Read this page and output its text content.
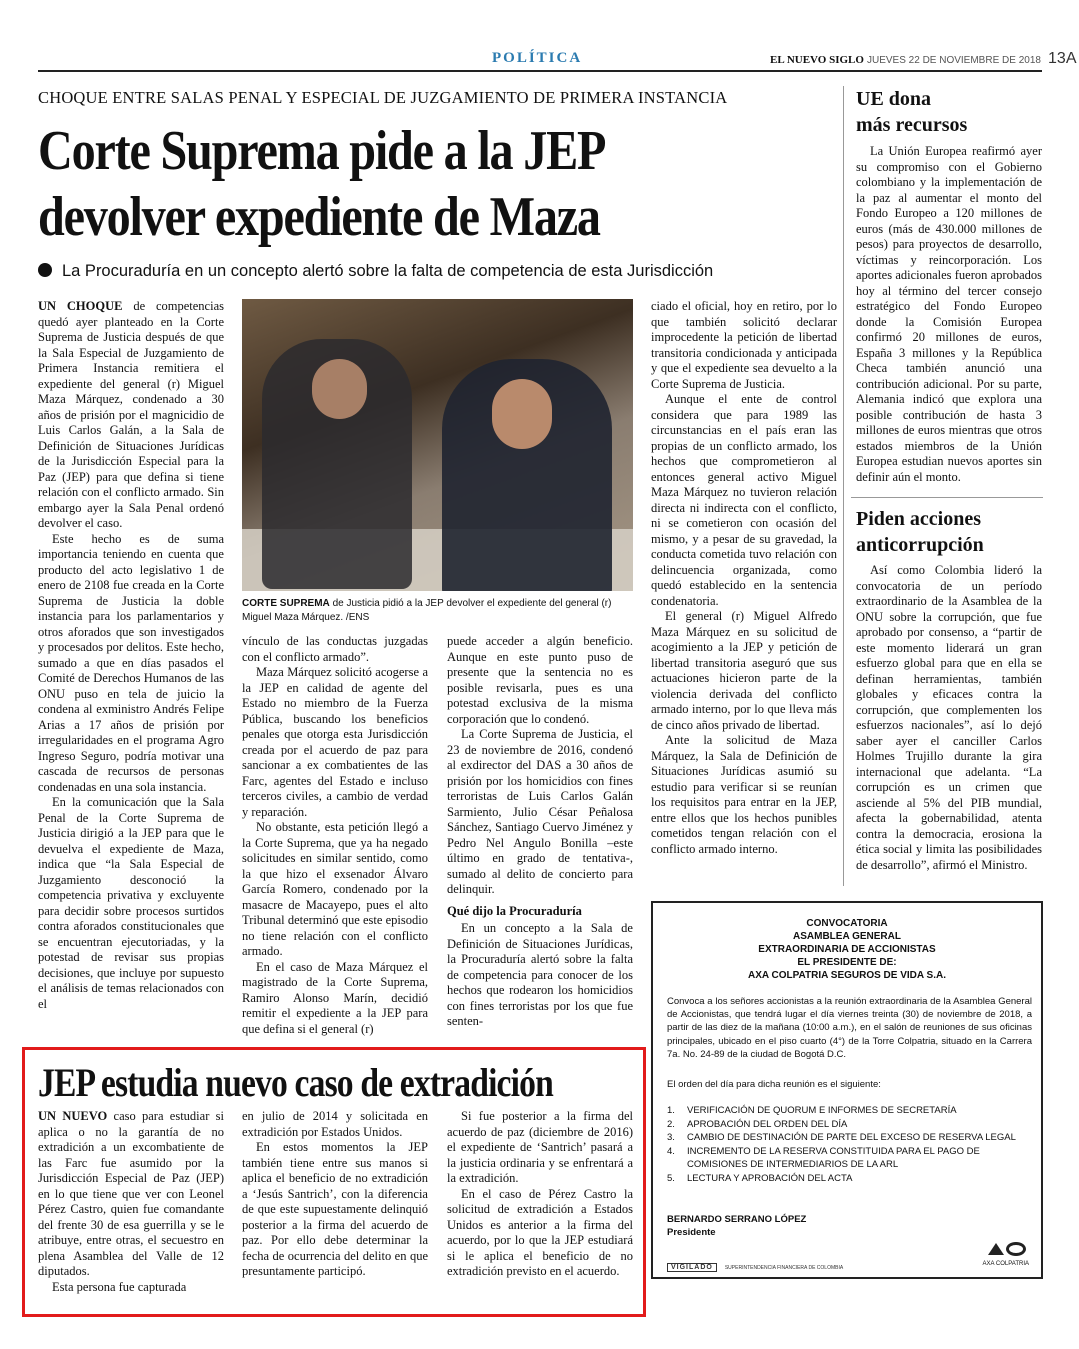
POLÍTICA	EL NUEVO SIGLO JUEVES 22 DE NOVIEMBRE DE 2018 13A
CHOQUE ENTRE SALAS PENAL Y ESPECIAL DE JUZGAMIENTO DE PRIMERA INSTANCIA
Corte Suprema pide a la JEP
devolver expediente de Maza
La Procuraduría en un concepto alertó sobre la falta de competencia de esta Jurisdicción

UN CHOQUE de competencias quedó ayer planteado en la Corte Suprema de Justicia después de que la Sala Especial de Juzgamiento de Primera Instancia remitiera el expediente del general (r) Miguel Maza Márquez, condenado a 30 años de prisión por el magnicidio de Luis Carlos Galán, a la Sala de Definición de Situaciones Jurídicas de la Jurisdicción Especial para la Paz (JEP) para que defina si tiene relación con el conflicto armado. Sin embargo ayer la Sala Penal ordenó devolver el caso.

Este hecho es de suma importancia teniendo en cuenta que producto del acto legislativo 1 de enero de 2108 fue creada en la Corte Suprema de Justicia la doble instancia para los parlamentarios y otros aforados que son investigados y procesados por delitos. Este hecho, sumado a que en días pasados el Comité de Derechos Humanos de las ONU puso en tela de juicio la condena al exministro Andrés Felipe Arias a 17 años de prisión por irregularidades en el programa Agro Ingreso Seguro, podría motivar una cascada de recursos de personas condenadas en una sola instancia.

En la comunicación que la Sala Penal de la Corte Suprema de Justicia dirigió a la JEP para que le devuelva el expediente de Maza, indica que “la Sala Especial de Juzgamiento desconoció la competencia privativa y excluyente para decidir sobre procesos surtidos contra aforados constitucionales que se encuentran ejecutoriadas, y la potestad de revisar sus propias decisiones, que incluye por supuesto el análisis de temas relacionados con el

CORTE SUPREMA de Justicia pidió a la JEP devolver el expediente del general (r) Miguel Maza Márquez. /ENS

vínculo de las conductas juzgadas con el conflicto armado”.

Maza Márquez solicitó acogerse a la JEP en calidad de agente del Estado no miembro de la Fuerza Pública, buscando los beneficios penales que otorga esta Jurisdicción creada por el acuerdo de paz para sancionar a ex combatientes de las Farc, agentes del Estado e incluso terceros civiles, a cambio de verdad y reparación.

No obstante, esta petición llegó a la Corte Suprema, que ya ha negado solicitudes en similar sentido, como la que hizo el exsenador Álvaro García Romero, condenado por la masacre de Macayepo, pues el alto Tribunal determinó que este episodio no tiene relación con el conflicto armado.

En el caso de Maza Márquez el magistrado de la Corte Suprema, Ramiro Alonso Marín, decidió remitir el expediente a la JEP para que defina si el general (r)

puede acceder a algún beneficio. Aunque en este punto puso de presente que la sentencia no es posible revisarla, pues es una potestad exclusiva de la misma corporación que lo condenó.

La Corte Suprema de Justicia, el 23 de noviembre de 2016, condenó al exdirector del DAS a 30 años de prisión por los homicidios con fines terroristas de Luis Carlos Galán Sarmiento, Julio César Peñalosa Sánchez, Santiago Cuervo Jiménez y Pedro Nel Angulo Bonilla –este último en grado de tentativa-, sumado al delito de concierto para delinquir.

Qué dijo la Procuraduría

En un concepto a la Sala de Definición de Situaciones Jurídicas, la Procuraduría alertó sobre la falta de competencia para conocer de los hechos que rodearon los homicidios con fines terroristas por los que fue senten-

ciado el oficial, hoy en retiro, por lo que también solicitó declarar improcedente la petición de libertad transitoria condicionada y anticipada y que el expediente sea devuelto a la Corte Suprema de Justicia.

Aunque el ente de control considera que para 1989 las circunstancias en el país eran las propias de un conflicto armado, los hechos que comprometieron al entonces general activo Miguel Maza Márquez no tuvieron relación directa ni indirecta con el conflicto, ni se cometieron con ocasión del mismo, y a pesar de su gravedad, la conducta cometida tuvo relación con delincuencia organizada, como quedó establecido en la sentencia condenatoria.

El general (r) Miguel Alfredo Maza Márquez en su solicitud de acogimiento a la JEP y petición de libertad transitoria aseguró que sus actuaciones hicieron parte de la violencia derivada del conflicto armado interno, por lo que lleva más de cinco años privado de libertad.

Ante la solicitud de Maza Márquez, la Sala de Definición de Situaciones Jurídicas asumió su estudio para verificar si se reunían los requisitos para entrar en la JEP, entre ellos que los hechos punibles cometidos tengan relación con el conflicto armado interno.

UE dona
más recursos

La Unión Europea reafirmó ayer su compromiso con el Gobierno colombiano y la implementación de la paz al aumentar el monto del Fondo Europeo a 120 millones de euros (más de 430.000 millones de pesos) para proyectos de desarrollo, víctimas y reincorporación. Los aportes adicionales fueron aprobados hoy al término del tercer consejo estratégico del Fondo Europeo donde la Comisión Europea confirmó 20 millones de euros, España 3 millones y la República Checa también anunció una contribución adicional. Por su parte, Alemania indicó que explora una posible contribución de hasta 3 millones de euros mientras que otros estados miembros de la Unión Europea estudian nuevos aportes sin definir aún el monto.

Piden acciones
anticorrupción

Así como Colombia lideró la convocatoria de un período extraordinario de la Asamblea de la ONU sobre la corrupción, que fue aprobado por consenso, a “partir de este momento liderará un gran esfuerzo global para que en ella se definan herramientas, también globales y eficaces contra la corrupción, que complementen los esfuerzos nacionales”, así lo dejó saber ayer el canciller Carlos Holmes Trujillo durante la gira internacional que adelanta. “La corrupción es un crimen que asciende al 5% del PIB mundial, afecta la gobernabilidad, atenta contra la democracia, erosiona la ética social y limita las posibilidades de desarrollo”, afirmó el Ministro.

CONVOCATORIA
ASAMBLEA GENERAL
EXTRAORDINARIA DE ACCIONISTAS
EL PRESIDENTE DE:
AXA COLPATRIA SEGUROS DE VIDA S.A.
Convoca a los señores accionistas a la reunión extraordinaria de la Asamblea General de Accionistas, que tendrá lugar el día viernes treinta (30) de noviembre de 2018, a partir de las diez de la mañana (10:00 a.m.), en el salón de reuniones de sus oficinas principales, ubicado en el piso cuarto (4°) de la Torre Colpatria, situado en la Carrera 7a. No. 24-89 de la ciudad de Bogotá D.C.
El orden del día para dicha reunión es el siguiente:
1. VERIFICACIÓN DE QUORUM E INFORMES DE SECRETARÍA
2. APROBACIÓN DEL ORDEN DEL DÍA
3. CAMBIO DE DESTINACIÓN DE PARTE DEL EXCESO DE RESERVA LEGAL
4. INCREMENTO DE LA RESERVA CONSTITUIDA PARA EL PAGO DE COMISIONES DE INTERMEDIARIOS DE LA ARL
5. LECTURA Y APROBACIÓN DEL ACTA
BERNARDO SERRANO LÓPEZ
Presidente
VIGILADO SUPERINTENDENCIA FINANCIERA DE COLOMBIA
AXA COLPATRIA
JEP estudia nuevo caso de extradición

UN NUEVO caso para estudiar si aplica o no la garantía de no extradición a un excombatiente de las Farc fue asumido por la Jurisdicción Especial de Paz (JEP) en lo que tiene que ver con Leonel Pérez Castro, quien fue comandante del frente 30 de esa guerrilla y se le atribuye, entre otras, el secuestro en plena Asamblea del Valle de 12 diputados.

Esta persona fue capturada

en julio de 2014 y solicitada en extradición por Estados Unidos.

En estos momentos la JEP también tiene entre sus manos si aplica el beneficio de no extradición a ‘Jesús Santrich’, con la diferencia de que este supuestamente delinquió posterior a la firma del acuerdo de paz. Por ello debe determinar la fecha de ocurrencia del delito en que presuntamente participó.

Si fue posterior a la firma del acuerdo de paz (diciembre de 2016) el expediente de ‘Santrich’ pasará a la justicia ordinaria y se enfrentará a la extradición.

En el caso de Pérez Castro la solicitud de extradición a Estados Unidos es anterior a la firma del acuerdo, por lo que la JEP estudiará si le aplica el beneficio de no extradición previsto en el acuerdo.
